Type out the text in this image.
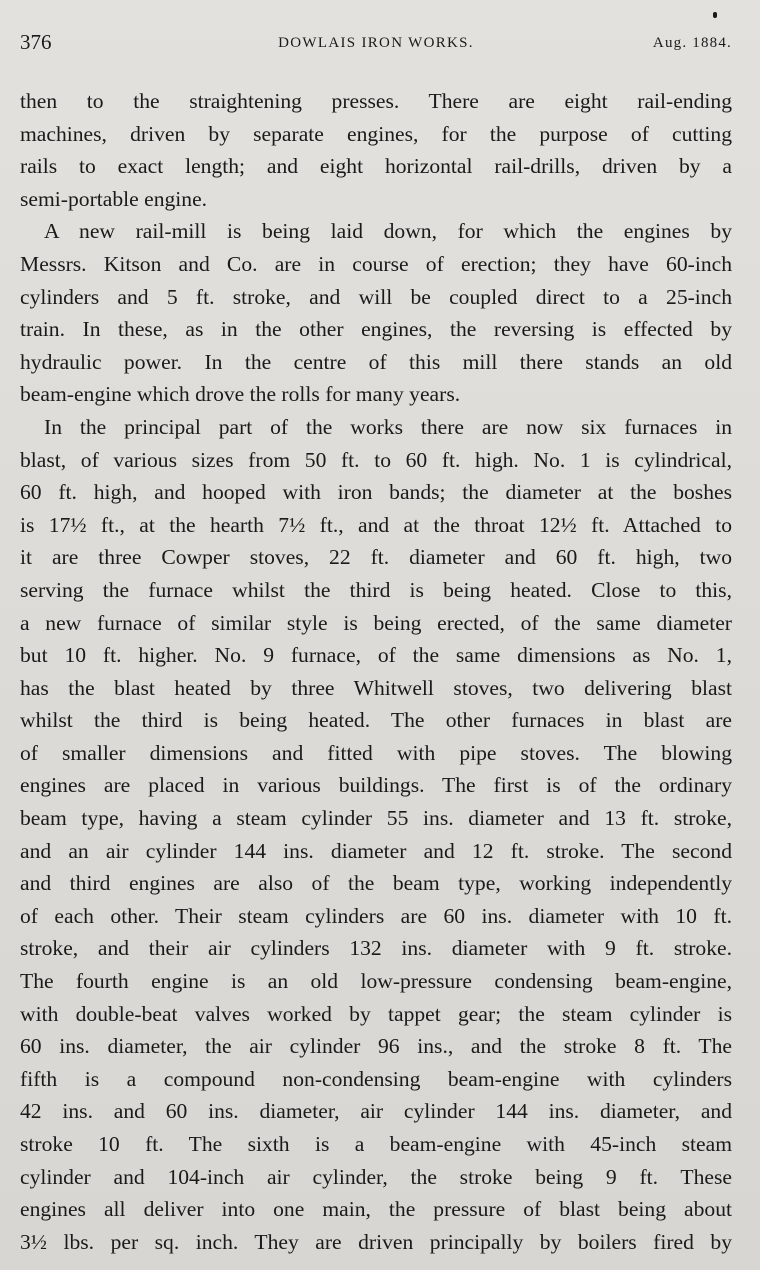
376	DOWLAIS IRON WORKS.	Aug. 1884.
then to the straightening presses. There are eight rail-ending
machines, driven by separate engines, for the purpose of cutting
rails to exact length; and eight horizontal rail-drills, driven by a
semi-portable engine.
A new rail-mill is being laid down, for which the engines by
Messrs. Kitson and Co. are in course of erection; they have 60-inch
cylinders and 5 ft. stroke, and will be coupled direct to a 25-inch
train. In these, as in the other engines, the reversing is effected by
hydraulic power. In the centre of this mill there stands an old
beam-engine which drove the rolls for many years.
In the principal part of the works there are now six furnaces in
blast, of various sizes from 50 ft. to 60 ft. high. No. 1 is cylindrical,
60 ft. high, and hooped with iron bands; the diameter at the boshes
is 17½ ft., at the hearth 7½ ft., and at the throat 12½ ft. Attached to
it are three Cowper stoves, 22 ft. diameter and 60 ft. high, two
serving the furnace whilst the third is being heated. Close to this,
a new furnace of similar style is being erected, of the same diameter
but 10 ft. higher. No. 9 furnace, of the same dimensions as No. 1,
has the blast heated by three Whitwell stoves, two delivering blast
whilst the third is being heated. The other furnaces in blast are
of smaller dimensions and fitted with pipe stoves. The blowing
engines are placed in various buildings. The first is of the ordinary
beam type, having a steam cylinder 55 ins. diameter and 13 ft. stroke,
and an air cylinder 144 ins. diameter and 12 ft. stroke. The second
and third engines are also of the beam type, working independently
of each other. Their steam cylinders are 60 ins. diameter with 10 ft.
stroke, and their air cylinders 132 ins. diameter with 9 ft. stroke.
The fourth engine is an old low-pressure condensing beam-engine,
with double-beat valves worked by tappet gear; the steam cylinder is
60 ins. diameter, the air cylinder 96 ins., and the stroke 8 ft. The
fifth is a compound non-condensing beam-engine with cylinders
42 ins. and 60 ins. diameter, air cylinder 144 ins. diameter, and
stroke 10 ft. The sixth is a beam-engine with 45-inch steam
cylinder and 104-inch air cylinder, the stroke being 9 ft. These
engines all deliver into one main, the pressure of blast being about
3½ lbs. per sq. inch. They are driven principally by boilers fired by
